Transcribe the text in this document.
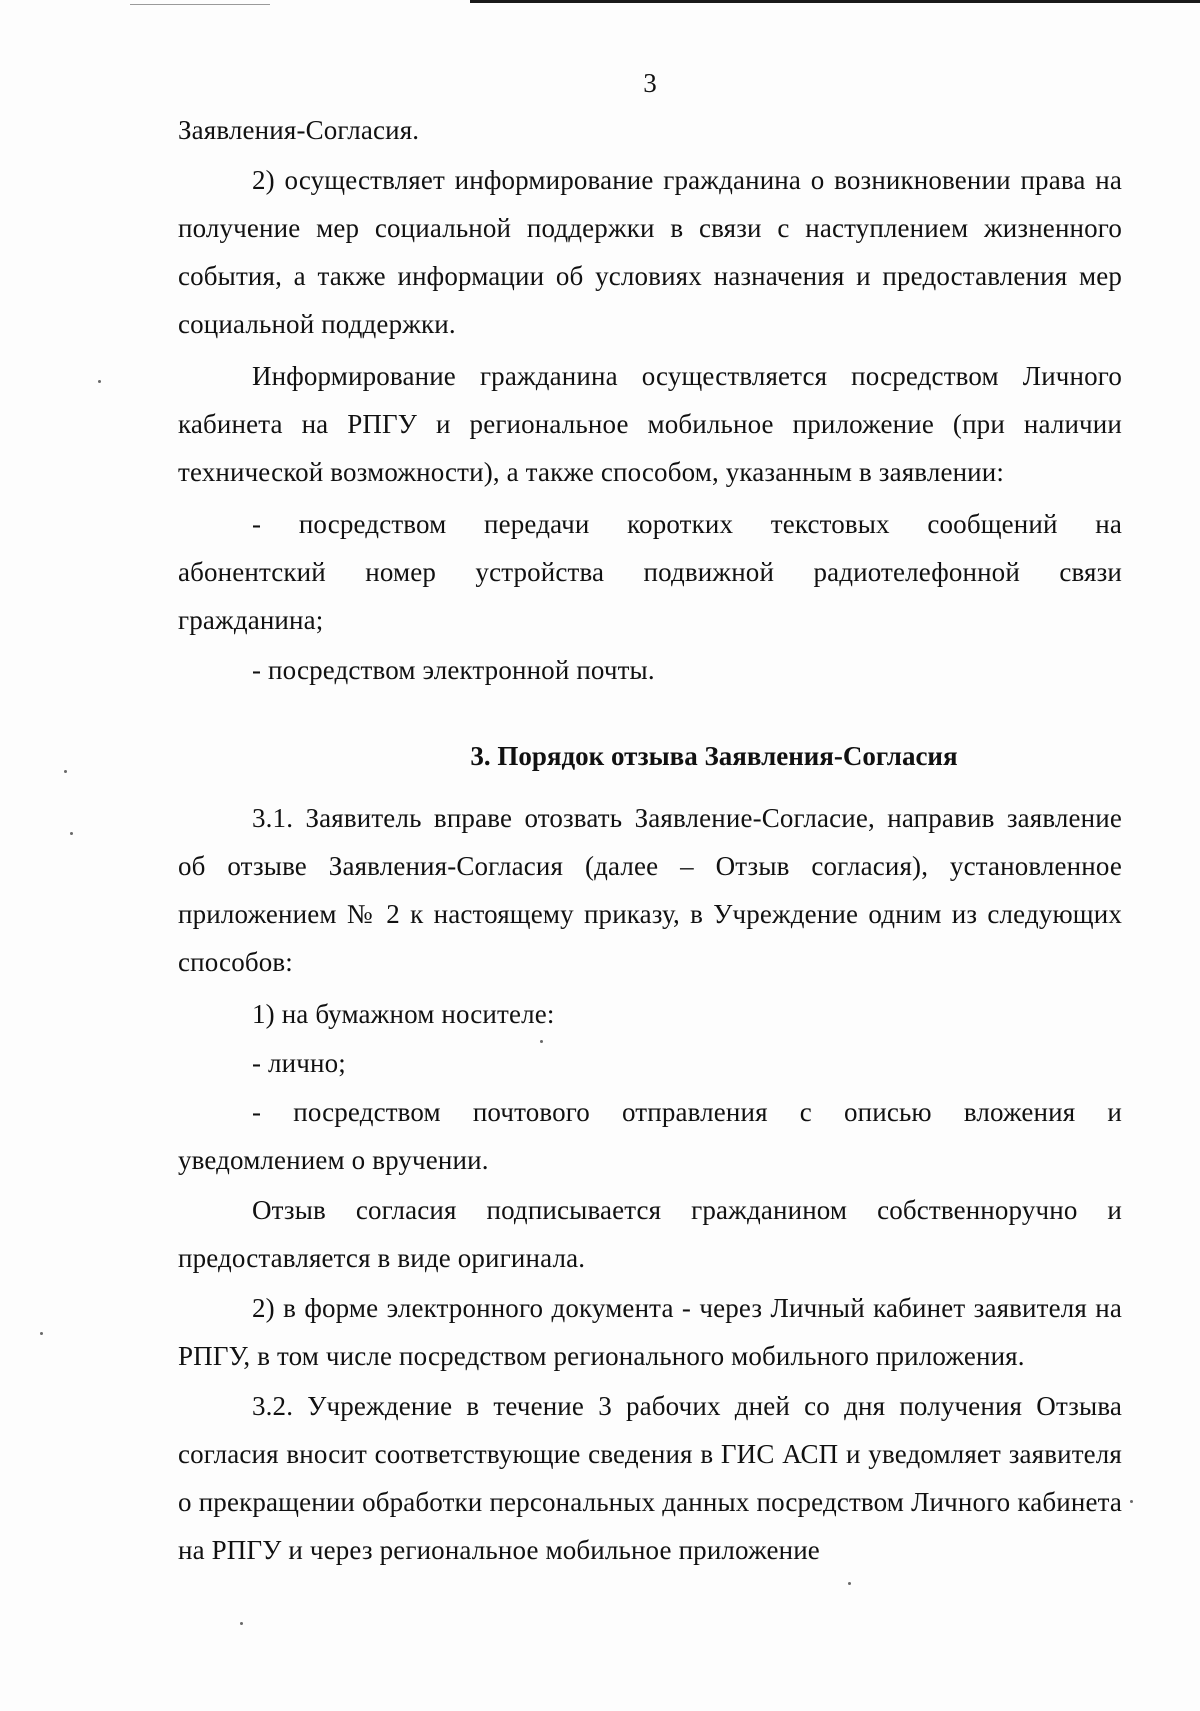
3
Заявления-Согласия.
2) осуществляет информирование гражданина о возникновении права на получение мер социальной поддержки в связи с наступлением жизненного события, а также информации об условиях назначения и предоставления мер социальной поддержки.
Информирование гражданина осуществляется посредством Личного кабинета на РПГУ и региональное мобильное приложение (при наличии технической возможности), а также способом, указанным в заявлении:
- посредством передачи коротких текстовых сообщений на
абонентский номер устройства подвижной радиотелефонной связи
гражданина;
- посредством электронной почты.
3. Порядок отзыва Заявления-Согласия
3.1. Заявитель вправе отозвать Заявление-Согласие, направив заявление об отзыве Заявления-Согласия (далее – Отзыв согласия), установленное приложением № 2 к настоящему приказу, в Учреждение одним из следующих способов:
1) на бумажном носителе:
- лично;
- посредством почтового отправления с описью вложения и
уведомлением о вручении.
Отзыв согласия подписывается гражданином собственноручно и предоставляется в виде оригинала.
2) в форме электронного документа - через Личный кабинет заявителя на РПГУ, в том числе посредством регионального мобильного приложения.
3.2. Учреждение в течение 3 рабочих дней со дня получения Отзыва согласия вносит соответствующие сведения в ГИС АСП и уведомляет заявителя о прекращении обработки персональных данных посредством Личного кабинета на РПГУ и через региональное мобильное приложение
